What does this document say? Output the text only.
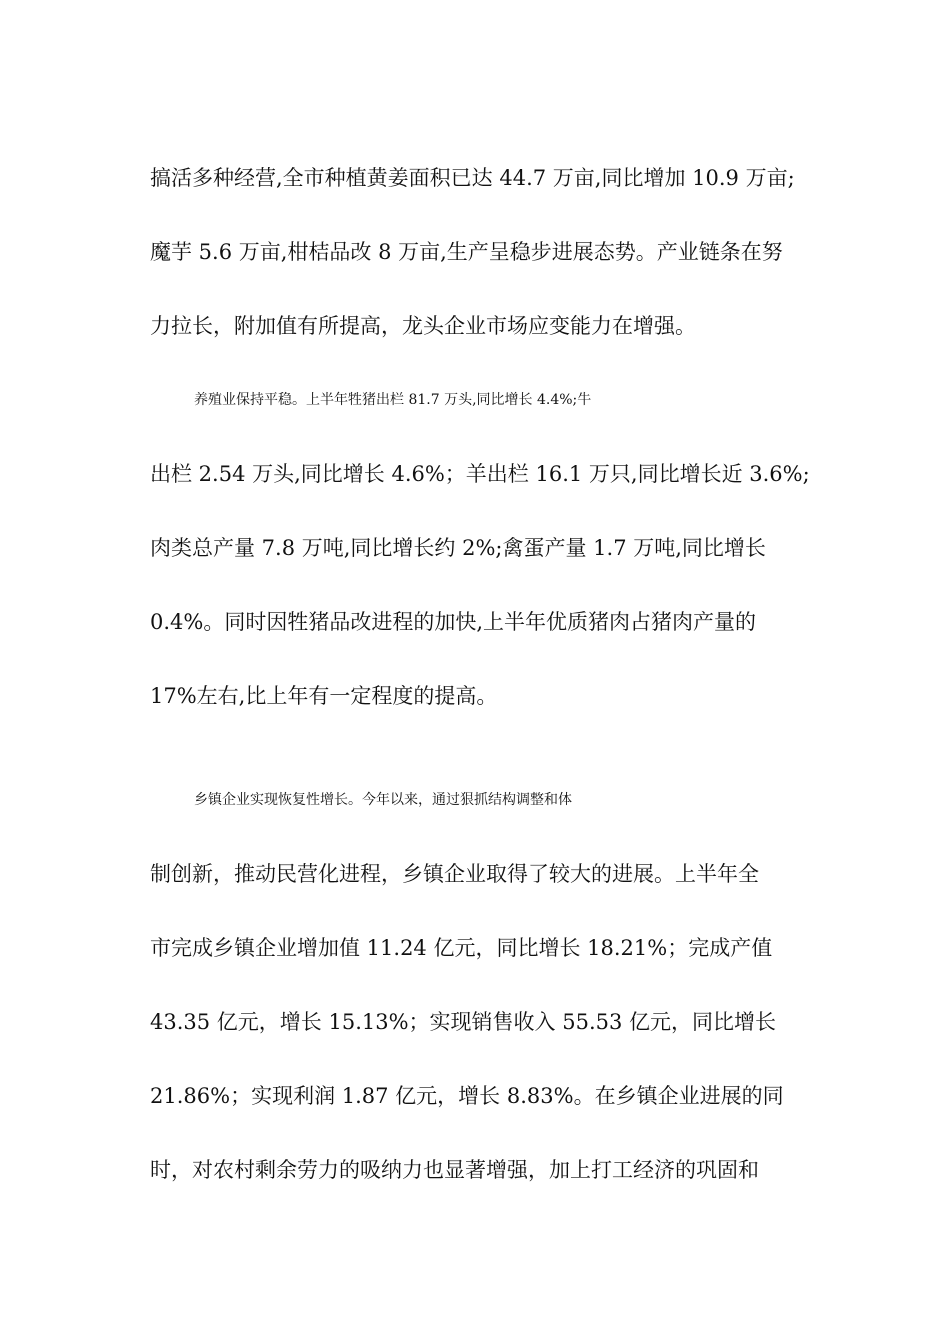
搞活多种经营,全市种植黄姜面积已达 44.7 万亩,同比增加 10.9 万亩;
魔芋 5.6 万亩,柑桔品改 8 万亩,生产呈稳步进展态势。产业链条在努
力拉长，附加值有所提高，龙头企业市场应变能力在增强。
养殖业保持平稳。上半年牲猪出栏 81.7 万头,同比增长 4.4%;牛
出栏 2.54 万头,同比增长 4.6%；羊出栏 16.1 万只,同比增长近 3.6%;
肉类总产量 7.8 万吨,同比增长约 2%;禽蛋产量 1.7 万吨,同比增长
0.4%。同时因牲猪品改进程的加快,上半年优质猪肉占猪肉产量的
17%左右,比上年有一定程度的提高。
乡镇企业实现恢复性增长。今年以来，通过狠抓结构调整和体
制创新，推动民营化进程，乡镇企业取得了较大的进展。上半年全
市完成乡镇企业增加值 11.24 亿元，同比增长 18.21%；完成产值
43.35 亿元，增长 15.13%；实现销售收入 55.53 亿元，同比增长
21.86%；实现利润 1.87 亿元，增长 8.83%。在乡镇企业进展的同
时，对农村剩余劳力的吸纳力也显著增强，加上打工经济的巩固和
